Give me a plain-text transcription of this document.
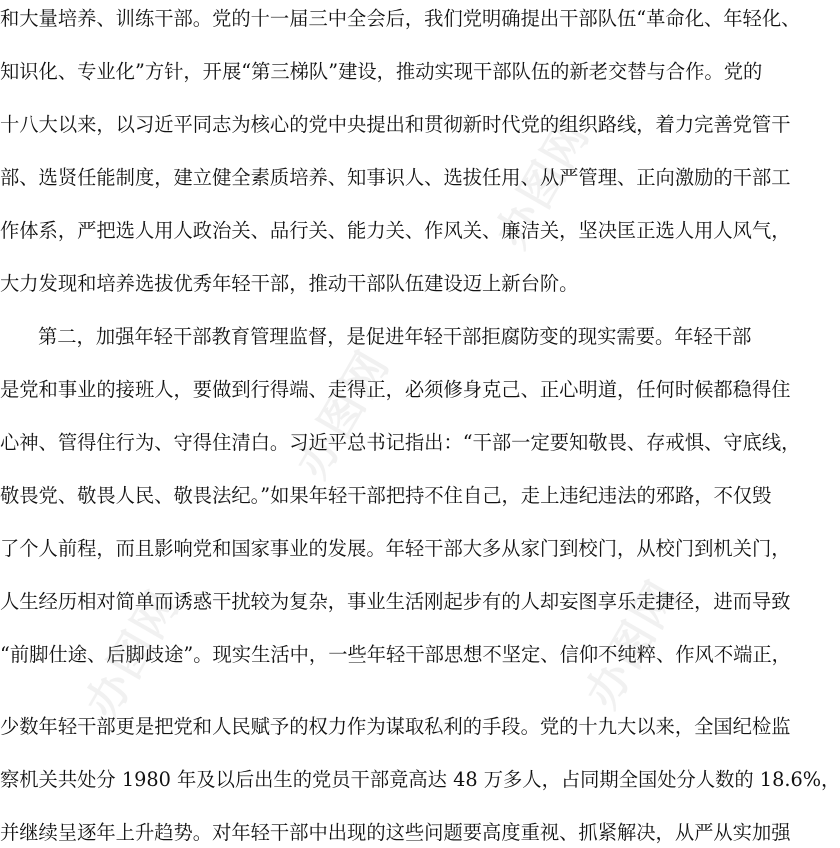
办图网
办图网
办图网
办图网
和大量培养、训练干部。党的十一届三中全会后，我们党明确提出干部队伍“革命化、年轻化、
知识化、专业化”方针，开展“第三梯队”建设，推动实现干部队伍的新老交替与合作。党的
十八大以来，以习近平同志为核心的党中央提出和贯彻新时代党的组织路线，着力完善党管干
部、选贤任能制度，建立健全素质培养、知事识人、选拔任用、从严管理、正向激励的干部工
作体系，严把选人用人政治关、品行关、能力关、作风关、廉洁关，坚决匡正选人用人风气，
大力发现和培养选拔优秀年轻干部，推动干部队伍建设迈上新台阶。
第二，加强年轻干部教育管理监督，是促进年轻干部拒腐防变的现实需要。年轻干部
是党和事业的接班人，要做到行得端、走得正，必须修身克己、正心明道，任何时候都稳得住
心神、管得住行为、守得住清白。习近平总书记指出：“干部一定要知敬畏、存戒惧、守底线，
敬畏党、敬畏人民、敬畏法纪。”如果年轻干部把持不住自己，走上违纪违法的邪路，不仅毁
了个人前程，而且影响党和国家事业的发展。年轻干部大多从家门到校门，从校门到机关门，
人生经历相对简单而诱惑干扰较为复杂，事业生活刚起步有的人却妄图享乐走捷径，进而导致
“前脚仕途、后脚歧途”。现实生活中，一些年轻干部思想不坚定、信仰不纯粹、作风不端正，
少数年轻干部更是把党和人民赋予的权力作为谋取私利的手段。党的十九大以来，全国纪检监
察机关共处分 1980 年及以后出生的党员干部竟高达 48 万多人，占同期全国处分人数的 18.6%，
并继续呈逐年上升趋势。对年轻干部中出现的这些问题要高度重视、抓紧解决，从严从实加强
